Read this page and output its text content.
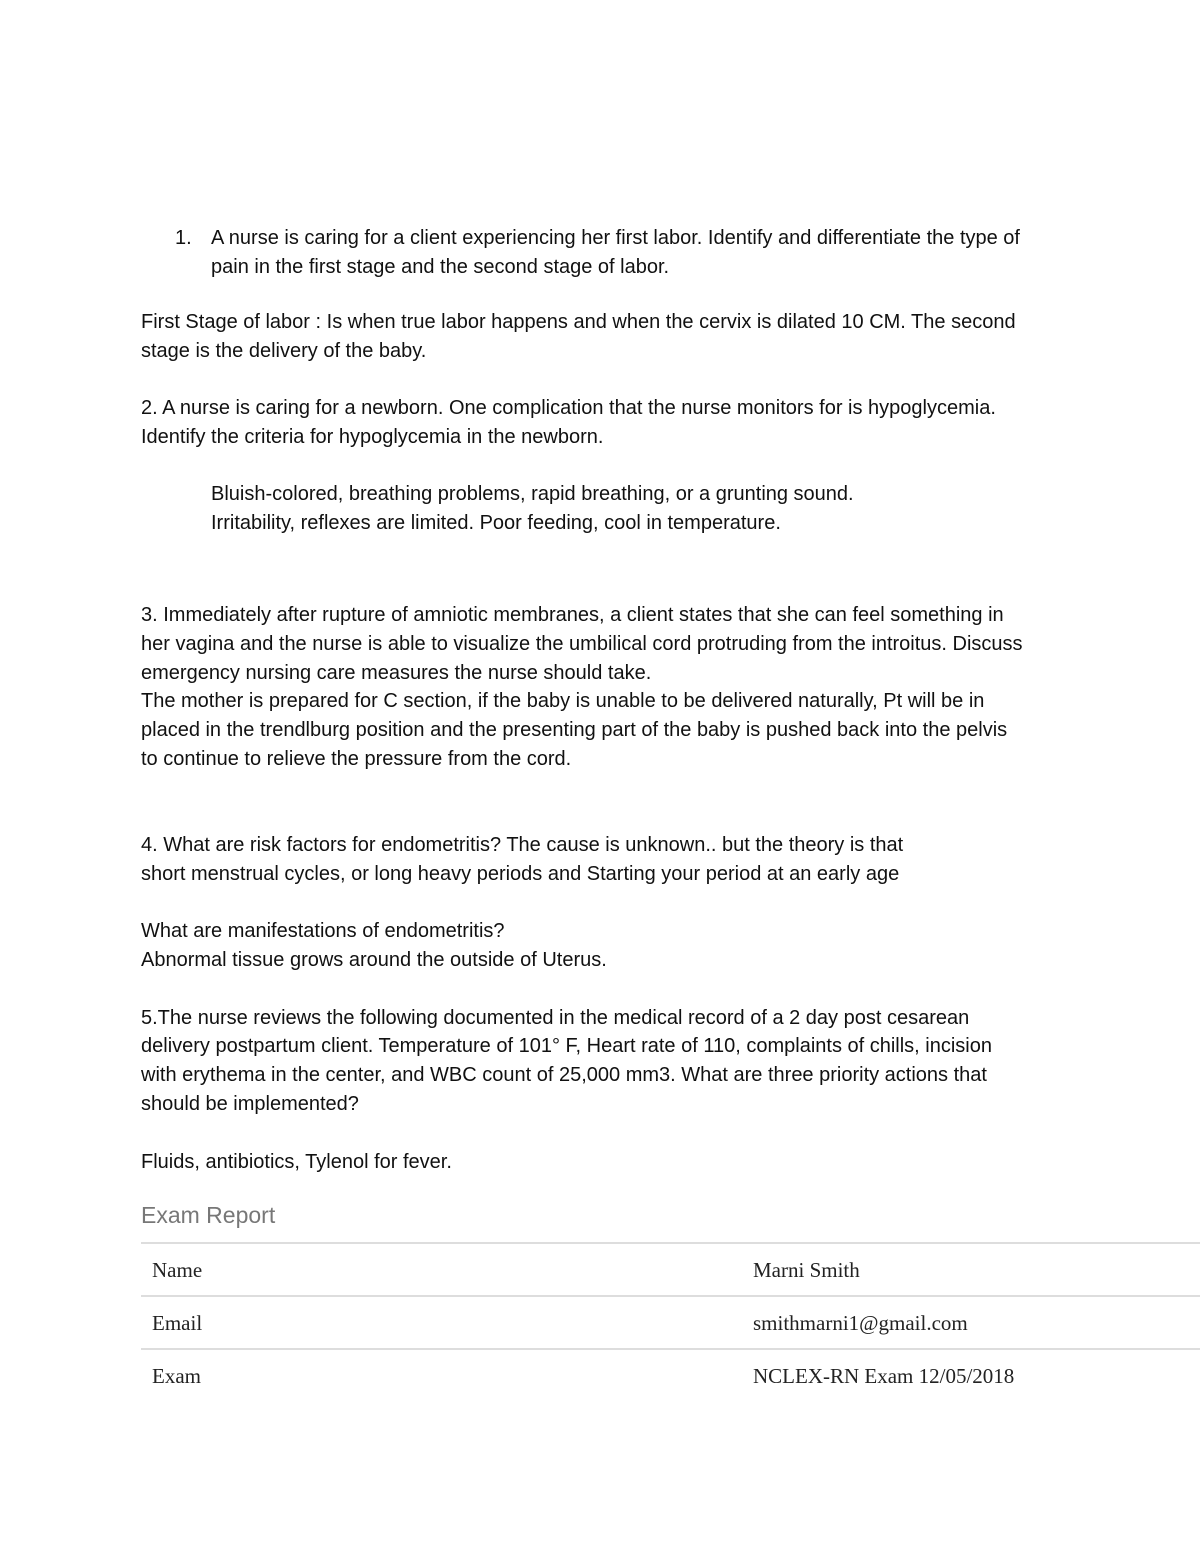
1. A nurse is caring for a client experiencing her first labor. Identify and differentiate the type of
pain in the first stage and the second stage of labor.
First Stage of labor : Is when true labor happens and when the cervix is dilated 10 CM. The second
stage is the delivery of the baby.
2. A nurse is caring for a newborn. One complication that the nurse monitors for is hypoglycemia.
Identify the criteria for hypoglycemia in the newborn.
Bluish-colored, breathing problems, rapid breathing, or a grunting sound.
Irritability, reflexes are limited. Poor feeding, cool in temperature.
3. Immediately after rupture of amniotic membranes, a client states that she can feel something in
her vagina and the nurse is able to visualize the umbilical cord protruding from the introitus. Discuss
emergency nursing care measures the nurse should take.
The mother is prepared for C section, if the baby is unable to be delivered naturally, Pt will be in
placed in the trendlburg position and the presenting part of the baby is pushed back into the pelvis
to continue to relieve the pressure from the cord.
4. What are risk factors for endometritis? The cause is unknown.. but the theory is that
short menstrual cycles, or long heavy periods and Starting your period at an early age
What are manifestations of endometritis?
Abnormal tissue grows around the outside of Uterus.
5.The nurse reviews the following documented in the medical record of a 2 day post cesarean
delivery postpartum client. Temperature of 101° F, Heart rate of 110, complaints of chills, incision
with erythema in the center, and WBC count of 25,000 mm3. What are three priority actions that
should be implemented?
Fluids, antibiotics, Tylenol for fever.
Exam Report
Name	Marni Smith
Email	smithmarni1@gmail.com
Exam	NCLEX-RN Exam 12/05/2018
